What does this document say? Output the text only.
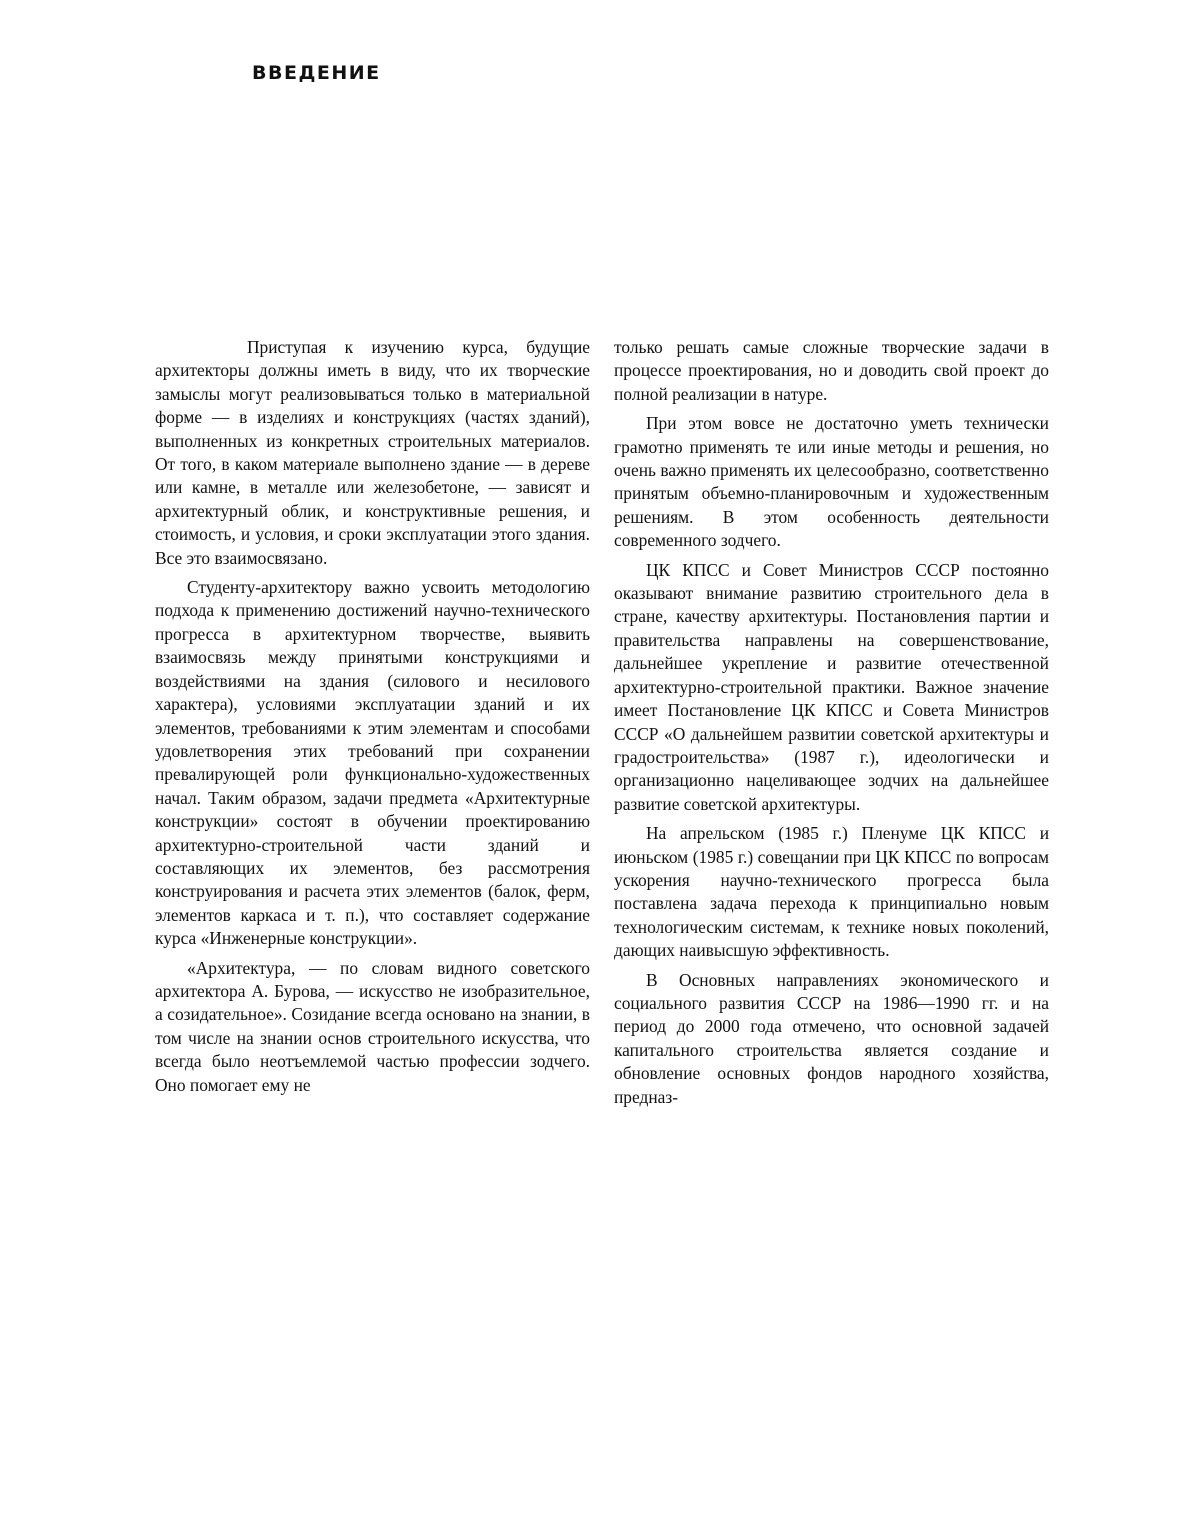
ВВЕДЕНИЕ

Приступая к изучению курса, будущие архитекторы должны иметь в виду, что их творческие замыслы могут реализовываться только в материальной форме — в изделиях и конструкциях (частях зданий), выполненных из конкретных строительных материалов. От того, в каком материале выполнено здание — в дереве или камне, в металле или железобетоне, — зависят и архитектурный облик, и конструктивные решения, и стоимость, и условия, и сроки эксплуатации этого здания. Все это взаимосвязано.

Студенту-архитектору важно усвоить методологию подхода к применению достижений научно-технического прогресса в архитектурном творчестве, выявить взаимосвязь между принятыми конструкциями и воздействиями на здания (силового и несилового характера), условиями эксплуатации зданий и их элементов, требованиями к этим элементам и способами удовлетворения этих требований при сохранении превалирующей роли функционально-художественных начал. Таким образом, задачи предмета «Архитектурные конструкции» состоят в обучении проектированию архитектурно-строительной части зданий и составляющих их элементов, без рассмотрения конструирования и расчета этих элементов (балок, ферм, элементов каркаса и т. п.), что составляет содержание курса «Инженерные конструкции».

«Архитектура, — по словам видного советского архитектора А. Бурова, — искусство не изобразительное, а созидательное». Созидание всегда основано на знании, в том числе на знании основ строительного искусства, что всегда было неотъемлемой частью профессии зодчего. Оно помогает ему не

только решать самые сложные творческие задачи в процессе проектирования, но и доводить свой проект до полной реализации в натуре.

При этом вовсе не достаточно уметь технически грамотно применять те или иные методы и решения, но очень важно применять их целесообразно, соответственно принятым объемно-планировочным и художественным решениям. В этом особенность деятельности современного зодчего.

ЦК КПСС и Совет Министров СССР постоянно оказывают внимание развитию строительного дела в стране, качеству архитектуры. Постановления партии и правительства направлены на совершенствование, дальнейшее укрепление и развитие отечественной архитектурно-строительной практики. Важное значение имеет Постановление ЦК КПСС и Совета Министров СССР «О дальнейшем развитии советской архитектуры и градостроительства» (1987 г.), идеологически и организационно нацеливающее зодчих на дальнейшее развитие советской архитектуры.

На апрельском (1985 г.) Пленуме ЦК КПСС и июньском (1985 г.) совещании при ЦК КПСС по вопросам ускорения научно-технического прогресса была поставлена задача перехода к принципиально новым технологическим системам, к технике новых поколений, дающих наивысшую эффективность.

В Основных направлениях экономического и социального развития СССР на 1986—1990 гг. и на период до 2000 года отмечено, что основной задачей капитального строительства является создание и обновление основных фондов народного хозяйства, предназ-
